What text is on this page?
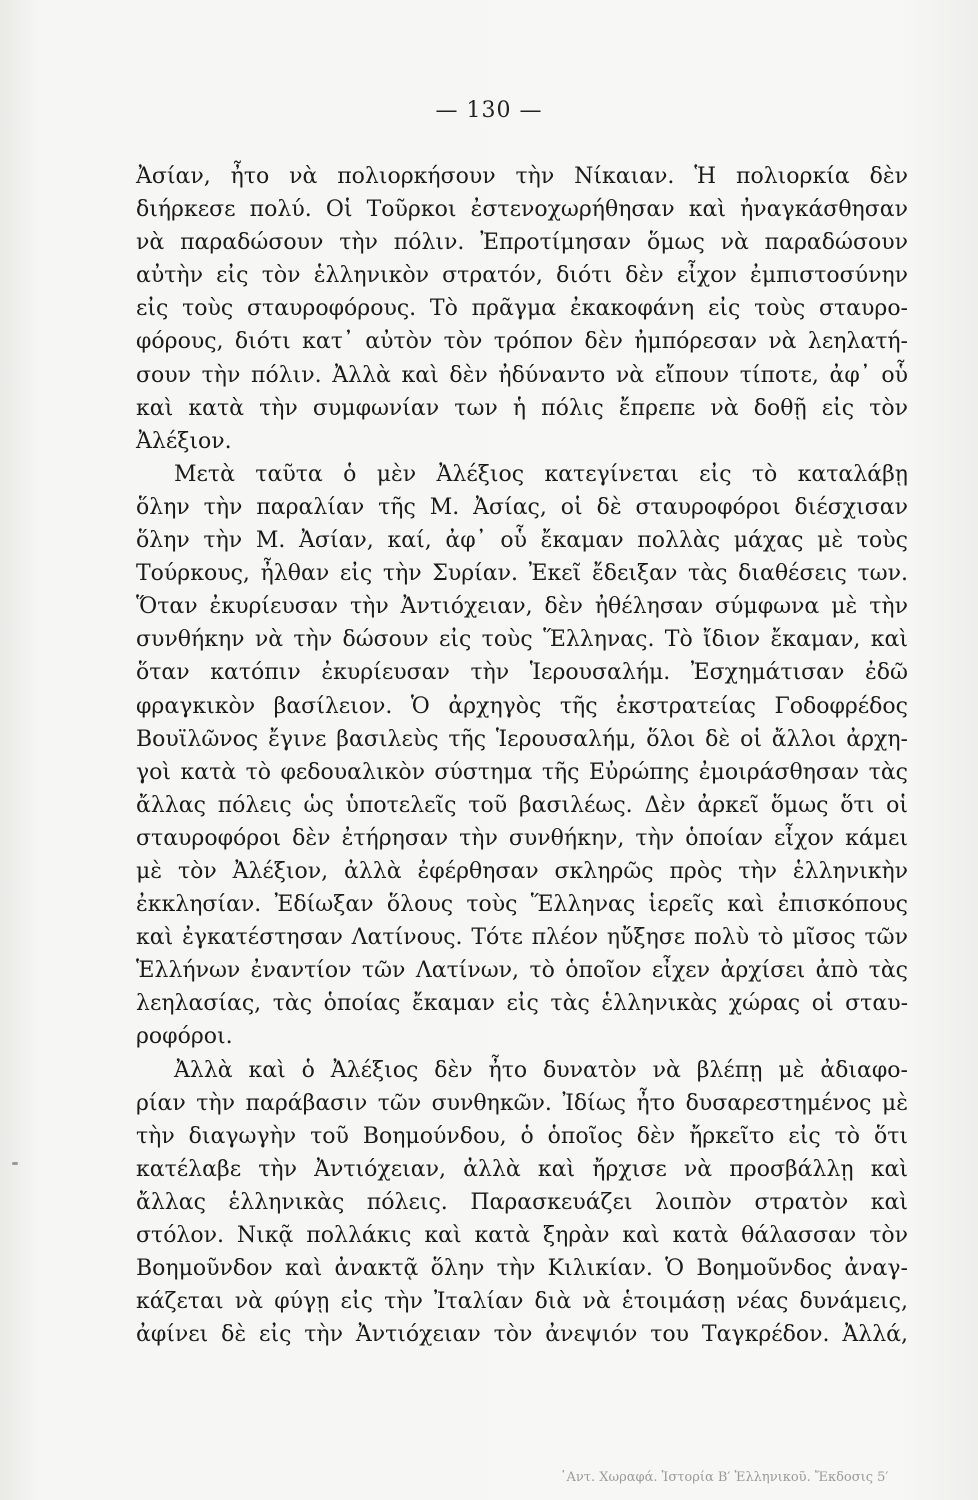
— 130 —
Ἀσίαν, ἦτο νὰ πολιορκήσουν τὴν Νίκαιαν. Ἡ πολιορκία δὲν
διήρκεσε πολύ. Οἱ Τοῦρκοι ἐστενοχωρήθησαν καὶ ἠναγκάσθησαν
νὰ παραδώσουν τὴν πόλιν. Ἐπροτίμησαν ὅμως νὰ παραδώσουν
αὐτὴν εἰς τὸν ἑλληνικὸν στρατόν, διότι δὲν εἶχον ἐμπιστοσύνην
εἰς τοὺς σταυροφόρους. Τὸ πρᾶγμα ἐκακοφάνη εἰς τοὺς σταυρο-
φόρους, διότι κατ᾽ αὐτὸν τὸν τρόπον δὲν ἠμπόρεσαν νὰ λεηλατή-
σουν τὴν πόλιν. Ἀλλὰ καὶ δὲν ἠδύναντο νὰ εἴπουν τίποτε, ἀφ᾽ οὗ
καὶ κατὰ τὴν συμφωνίαν των ἡ πόλις ἔπρεπε νὰ δοθῇ εἰς τὸν
Ἀλέξιον.
Μετὰ ταῦτα ὁ μὲν Ἀλέξιος κατεγίνεται εἰς τὸ καταλάβῃ
ὅλην τὴν παραλίαν τῆς Μ. Ἀσίας, οἱ δὲ σταυροφόροι διέσχισαν
ὅλην τὴν Μ. Ἀσίαν, καί, ἀφ᾽ οὗ ἔκαμαν πολλὰς μάχας μὲ τοὺς
Τούρκους, ἦλθαν εἰς τὴν Συρίαν. Ἐκεῖ ἔδειξαν τὰς διαθέσεις των.
Ὅταν ἐκυρίευσαν τὴν Ἀντιόχειαν, δὲν ἠθέλησαν σύμφωνα μὲ τὴν
συνθήκην νὰ τὴν δώσουν εἰς τοὺς Ἕλληνας. Τὸ ἴδιον ἔκαμαν, καὶ
ὅταν κατόπιν ἐκυρίευσαν τὴν Ἱερουσαλήμ. Ἐσχημάτισαν ἐδῶ
φραγκικὸν βασίλειον. Ὁ ἀρχηγὸς τῆς ἐκστρατείας Γοδοφρέδος
Βουϊλῶνος ἔγινε βασιλεὺς τῆς Ἱερουσαλήμ, ὅλοι δὲ οἱ ἄλλοι ἀρχη-
γοὶ κατὰ τὸ φεδουαλικὸν σύστημα τῆς Εὐρώπης ἐμοιράσθησαν τὰς
ἄλλας πόλεις ὡς ὑποτελεῖς τοῦ βασιλέως. Δὲν ἀρκεῖ ὅμως ὅτι οἱ
σταυροφόροι δὲν ἐτήρησαν τὴν συνθήκην, τὴν ὁποίαν εἶχον κάμει
μὲ τὸν Ἀλέξιον, ἀλλὰ ἐφέρθησαν σκληρῶς πρὸς τὴν ἑλληνικὴν
ἐκκλησίαν. Ἐδίωξαν ὅλους τοὺς Ἕλληνας ἱερεῖς καὶ ἐπισκόπους
καὶ ἐγκατέστησαν Λατίνους. Τότε πλέον ηὔξησε πολὺ τὸ μῖσος τῶν
Ἑλλήνων ἐναντίον τῶν Λατίνων, τὸ ὁποῖον εἶχεν ἀρχίσει ἀπὸ τὰς
λεηλασίας, τὰς ὁποίας ἔκαμαν εἰς τὰς ἑλληνικὰς χώρας οἱ σταυ-
ροφόροι.
Ἀλλὰ καὶ ὁ Ἀλέξιος δὲν ἦτο δυνατὸν νὰ βλέπῃ μὲ ἀδιαφο-
ρίαν τὴν παράβασιν τῶν συνθηκῶν. Ἰδίως ἦτο δυσαρεστημένος μὲ
τὴν διαγωγὴν τοῦ Βοημούνδου, ὁ ὁποῖος δὲν ἤρκεῖτο εἰς τὸ ὅτι
κατέλαβε τὴν Ἀντιόχειαν, ἀλλὰ καὶ ἤρχισε νὰ προσβάλλῃ καὶ
ἄλλας ἑλληνικὰς πόλεις. Παρασκευάζει λοιπὸν στρατὸν καὶ
στόλον. Νικᾷ πολλάκις καὶ κατὰ ξηρὰν καὶ κατὰ θάλασσαν τὸν
Βοημοῦνδον καὶ ἀνακτᾷ ὅλην τὴν Κιλικίαν. Ὁ Βοημοῦνδος ἀναγ-
κάζεται νὰ φύγῃ εἰς τὴν Ἰταλίαν διὰ νὰ ἑτοιμάσῃ νέας δυνάμεις,
ἀφίνει δὲ εἰς τὴν Ἀντιόχειαν τὸν ἀνεψιόν του Ταγκρέδον. Ἀλλά,
᾽Αντ. Χωραφά. Ἱστορία Β′ Ἑλληνικοῦ. Ἔκδοσις 5′
